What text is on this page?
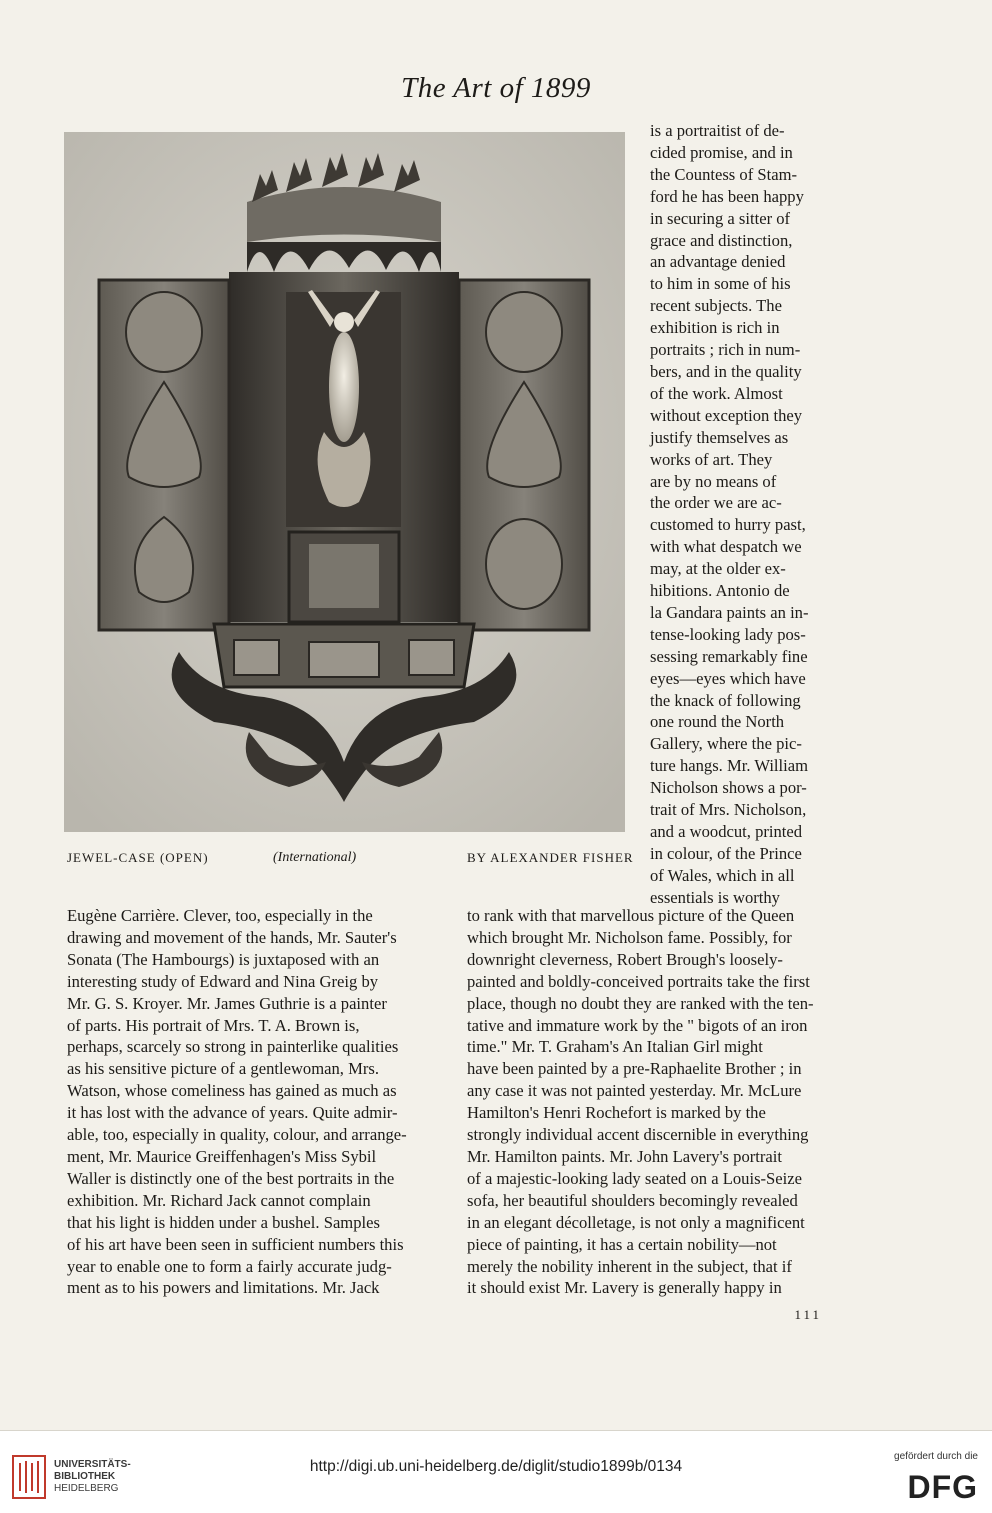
The Art of 1899
JEWEL-CASE (OPEN)	(International)	BY ALEXANDER FISHER

is a portraitist of de-

cided promise, and in

the Countess of Stam-

ford he has been happy

in securing a sitter of

grace and distinction,

an advantage denied

to him in some of his

recent subjects. The

exhibition is rich in

portraits ; rich in num-

bers, and in the quality

of the work. Almost

without exception they

justify themselves as

works of art. They

are by no means of

the order we are ac-

customed to hurry past,

with what despatch we

may, at the older ex-

hibitions. Antonio de

la Gandara paints an in-

tense-looking lady pos-

sessing remarkably fine

eyes—eyes which have

the knack of following

one round the North

Gallery, where the pic-

ture hangs. Mr. William

Nicholson shows a por-

trait of Mrs. Nicholson,

and a woodcut, printed

in colour, of the Prince

of Wales, which in all

essentials is worthy

Eugène Carrière. Clever, too, especially in the

drawing and movement of the hands, Mr. Sauter's

Sonata (The Hambourgs) is juxtaposed with an

interesting study of Edward and Nina Greig by

Mr. G. S. Kroyer. Mr. James Guthrie is a painter

of parts. His portrait of Mrs. T. A. Brown is,

perhaps, scarcely so strong in painterlike qualities

as his sensitive picture of a gentlewoman, Mrs.

Watson, whose comeliness has gained as much as

it has lost with the advance of years. Quite admir-

able, too, especially in quality, colour, and arrange-

ment, Mr. Maurice Greiffenhagen's Miss Sybil

Waller is distinctly one of the best portraits in the

exhibition. Mr. Richard Jack cannot complain

that his light is hidden under a bushel. Samples

of his art have been seen in sufficient numbers this

year to enable one to form a fairly accurate judg-

ment as to his powers and limitations. Mr. Jack

to rank with that marvellous picture of the Queen

which brought Mr. Nicholson fame. Possibly, for

downright cleverness, Robert Brough's loosely-

painted and boldly-conceived portraits take the first

place, though no doubt they are ranked with the ten-

tative and immature work by the " bigots of an iron

time." Mr. T. Graham's An Italian Girl might

have been painted by a pre-Raphaelite Brother ; in

any case it was not painted yesterday. Mr. McLure

Hamilton's Henri Rochefort is marked by the

strongly individual accent discernible in everything

Mr. Hamilton paints. Mr. John Lavery's portrait

of a majestic-looking lady seated on a Louis-Seize

sofa, her beautiful shoulders becomingly revealed

in an elegant décolletage, is not only a magnificent

piece of painting, it has a certain nobility—not

merely the nobility inherent in the subject, that if

it should exist Mr. Lavery is generally happy in

111
UNIVERSITÄTS-
BIBLIOTHEK
HEIDELBERG
http://digi.ub.uni-heidelberg.de/diglit/studio1899b/0134
gefördert durch die
DFG
